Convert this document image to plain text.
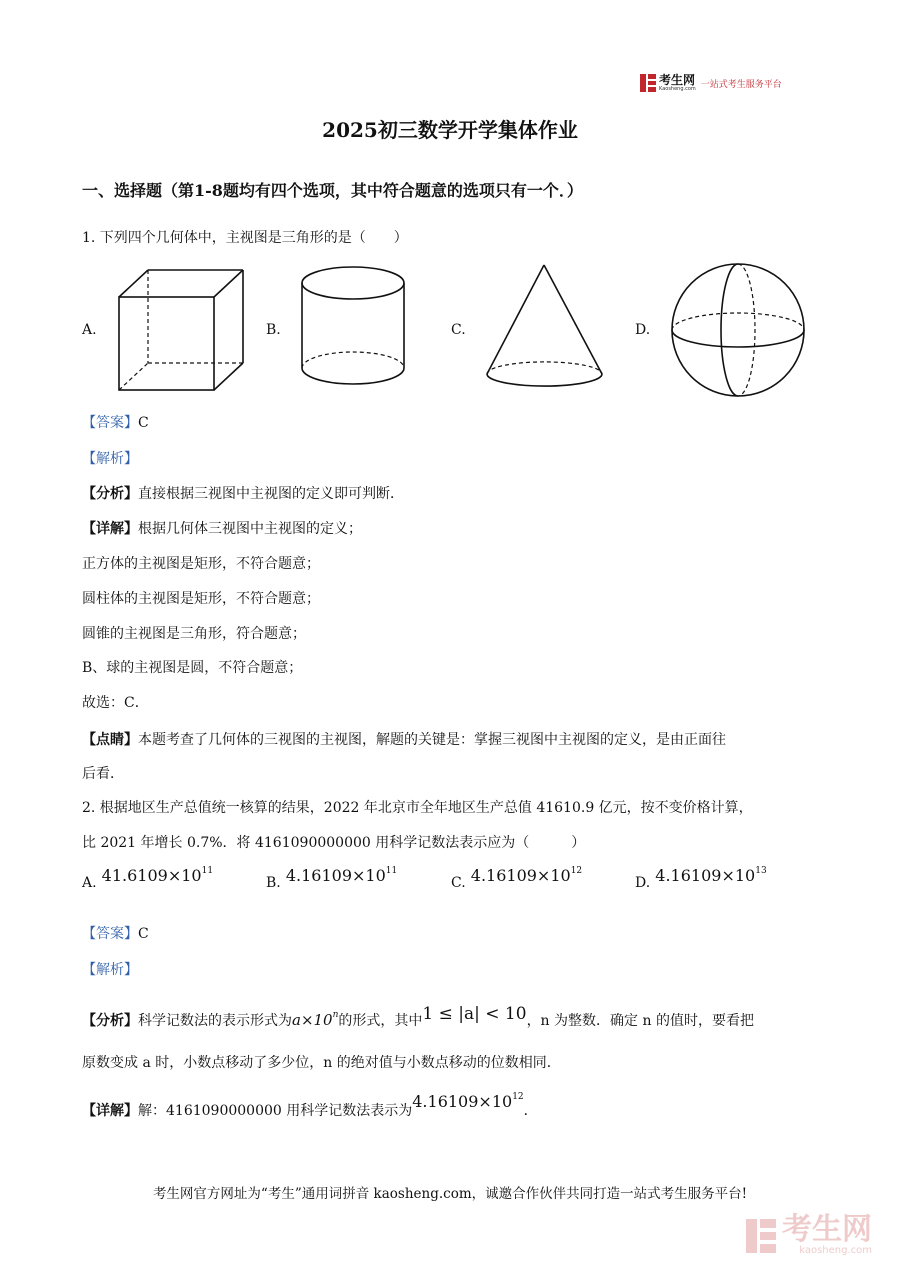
考生网
Kaosheng.com 一站式考生服务平台
2025初三数学开学集体作业
一、选择题（第1-8题均有四个选项，其中符合题意的选项只有一个．）
1. 下列四个几何体中，主视图是三角形的是（　　）
A.	B.	C.	D.
【答案】C
【解析】
【分析】直接根据三视图中主视图的定义即可判断．
【详解】根据几何体三视图中主视图的定义；
正方体的主视图是矩形，不符合题意；
圆柱体的主视图是矩形，不符合题意；
圆锥的主视图是三角形，符合题意；
B、球的主视图是圆，不符合题意；
故选：C．
【点睛】本题考查了几何体的三视图的主视图，解题的关键是：掌握三视图中主视图的定义，是由正面往
后看．
2. 根据地区生产总值统一核算的结果，2022 年北京市全年地区生产总值 41610.9 亿元，按不变价格计算，
比 2021 年增长 0.7%．将 4161090000000 用科学记数法表示应为（　　　）
A. $41.6109\times 10^{11}$
B. $4.16109\times 10^{11}$
C. $4.16109\times 10^{12}$
D. $4.16109\times 10^{13}$
【答案】C
【解析】
【分析】科学记数法的表示形式为$a\times 10^n$的形式，其中1 ≤ |a| < 10，n 为整数．确定 n 的值时，要看把
原数变成 a 时，小数点移动了多少位，n 的绝对值与小数点移动的位数相同．
【详解】解：4161090000000 用科学记数法表示为$4.16109\times 10^{12}$．
考生网官方网址为“考生”通用词拼音 kaosheng.com，诚邀合作伙伴共同打造一站式考生服务平台!
考生网
kaosheng.com
